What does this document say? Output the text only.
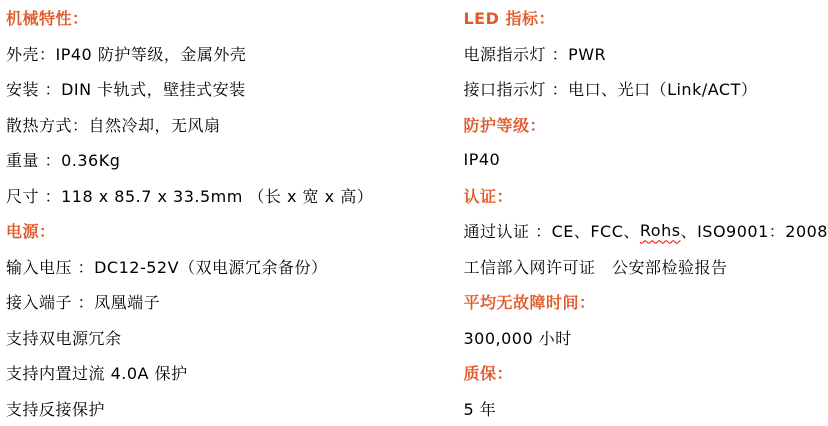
机械特性：
外壳：IP40 防护等级，金属外壳
安装 ：DIN 卡轨式，壁挂式安装
散热方式：自然冷却，无风扇
重量 ：0.36Kg
尺寸 ：118 x 85.7 x 33.5mm （长 x 宽 x 高）
电源：
输入电压 ：DC12-52V（双电源冗余备份）
接入端子 ：凤凰端子
支持双电源冗余
支持内置过流 4.0A 保护
支持反接保护
LED 指标：
电源指示灯 ：PWR
接口指示灯 ：电口、光口（Link/ACT）
防护等级：
IP40
认证：
通过认证 ：CE、FCC、 Rohs 、ISO9001：2008
工信部入网许可证　公安部检验报告
平均无故障时间：
300,000 小时
质保：
5 年
